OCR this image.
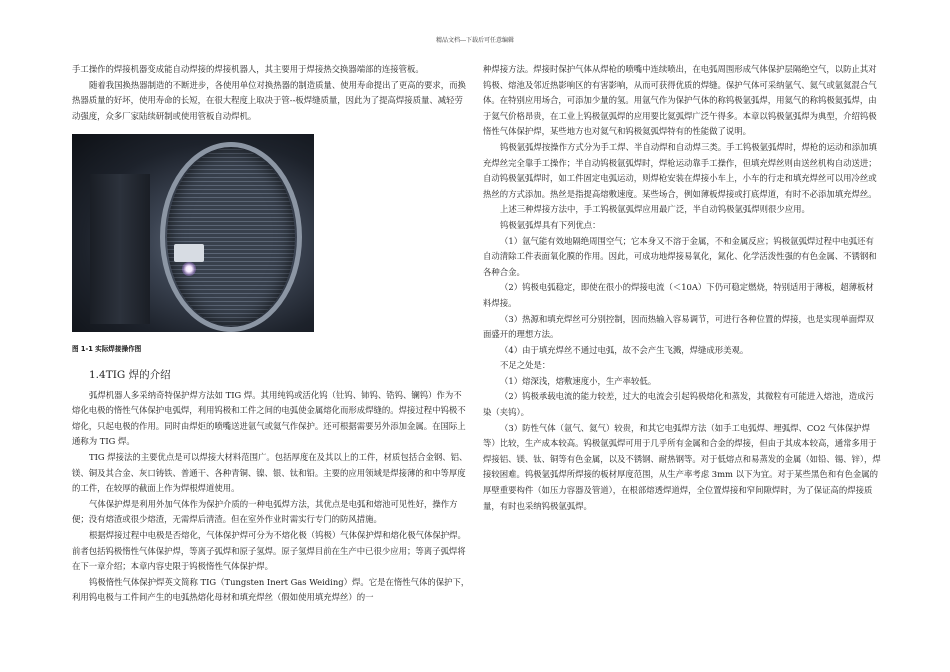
精品文档---下载后可任意编辑

手工操作的焊接机器变成能自动焊接的焊接机器人，其主要用于焊接热交换器端部的连接管板。

随着我国换热器制造的不断进步，各使用单位对换热器的制造质量、使用寿命提出了更高的要求，而换热器质量的好坏，使用寿命的长短，在很大程度上取决于管--板焊缝质量，因此为了提高焊接质量、减轻劳动强度，众多厂家陆续研制或使用管板自动焊机。

图 1-1 实际焊接操作图
1.4TIG 焊的介绍

弧焊机器人多采纳奇特保护焊方法如 TIG 焊。其用纯钨或活化钨（钍钨、铈钨、锆钨、镧钨）作为不熔化电极的惰性气体保护电弧焊，利用钨极和工件之间的电弧使金属熔化而形成焊缝的。焊接过程中钨极不熔化，只起电极的作用。同时由焊炬的喷嘴送进氩气或氦气作保护。还可根据需要另外添加金属。在国际上通称为 TIG 焊。

TIG 焊接法的主要优点是可以焊接大材料范围广。包括厚度在及其以上的工件，材质包括合金钢、铝、镁、铜及其合金、灰口铸铁、普通干、各种青铜、镍、银、钛和铅。主要的应用领域是焊接薄的和中等厚度的工件，在较厚的截面上作为焊根焊道使用。

气体保护焊是利用外加气体作为保护介质的一种电弧焊方法，其优点是电弧和熔池可见性好，操作方便；没有熔渣或很少熔渣，无需焊后清渣。但在室外作业时需实行专门的防风措施。

根据焊接过程中电极是否熔化，气体保护焊可分为不熔化极（钨极）气体保护焊和熔化极气体保护焊。前者包括钨极惰性气体保护焊，等离子弧焊和原子氢焊。原子氢焊目前在生产中已很少应用；等离子弧焊将在下一章介绍；本章内容史限于钨极惰性气体保护焊。

钨极惰性气体保护焊英文简称 TIG（Tungsten Inert Gas Weiding）焊。它是在惰性气体的保护下，利用钨电极与工件间产生的电弧热熔化母材和填充焊丝（假如使用填充焊丝）的一

种焊接方法。焊接时保护气体从焊枪的喷嘴中连续喷出，在电弧周围形成气体保护层隔绝空气，以防止其对钨极、熔池及邻近热影响区的有害影响，从而可获得优质的焊缝。保护气体可采纳氩气、氦气或氩氦混合气体。在特别应用场合，可添加少量的氢。用氩气作为保护气体的称钨极氩弧焊，用氦气的称钨极氦弧焊，由于氦气价格昂贵，在工业上钨极氩弧焊的应用要比氦弧焊广泛午得多。本章以钨极氩弧焊为典型，介绍钨极惰性气体保护焊，某些地方也对氦气和钨极氦弧焊特有的性能做了说明。

钨极氩弧焊按操作方式分为手工焊、半自动焊和自动焊三类。手工钨极氩弧焊时，焊枪的运动和添加填充焊丝完全靠手工操作；半自动钨极氩弧焊时，焊枪运动靠手工操作，但填充焊丝则由送丝机构自动送进；自动钨极氩弧焊时，如工件固定电弧运动，则焊枪安装在焊接小车上，小车的行走和填充焊丝可以用冷丝或热丝的方式添加。热丝是指提高熔敷速度。某些场合，例如薄板焊接或打底焊道，有时不必添加填充焊丝。

上述三种焊接方法中，手工钨极氩弧焊应用最广泛，半自动钨极氩弧焊则很少应用。

钨极氩弧焊具有下列优点：

（1）氩气能有效地隔绝周围空气；它本身又不溶于金属，不和金属反应；钨极氩弧焊过程中电弧还有自动清除工件表面氧化膜的作用。因此，可成功地焊接易氧化，氮化、化学活泼性强的有色金属、不锈钢和各种合金。

（2）钨极电弧稳定，即使在很小的焊接电流（＜10A）下仍可稳定燃烧，特别适用于薄板，超薄板材料焊接。

（3）热源和填充焊丝可分别控制，因而热输入容易调节，可进行各种位置的焊接，也是实现单面焊双面盛开的理想方法。

（4）由于填充焊丝不通过电弧，故不会产生飞溅，焊缝成形美观。

不足之处是：

（1）熔深浅，熔敷速度小，生产率较低。

（2）钨极承载电流的能力较差，过大的电流会引起钨极熔化和蒸发，其微粒有可能进入熔池，造成污染（夹钨）。

（3）防性气体（氩气、氦气）较贵，和其它电弧焊方法（如手工电弧焊、埋弧焊、CO2 气体保护焊等）比较，生产成本较高。钨极氩弧焊可用于几乎所有金属和合金的焊接，但由于其成本较高，通常多用于焊接铝、镁、钛、铜等有色金属，以及不锈钢、耐热钢等。对于低熔点和易蒸发的金属（如铅、锡、锌），焊接较困难。钨极氩弧焊所焊接的板材厚度范围，从生产率考虑 3mm 以下为宜。对于某些黑色和有色金属的厚壁重要构件（如压力容器及管道），在根部熔透焊道焊，全位置焊接和窄间隙焊时，为了保证高的焊接质量，有时也采纳钨极氩弧焊。
